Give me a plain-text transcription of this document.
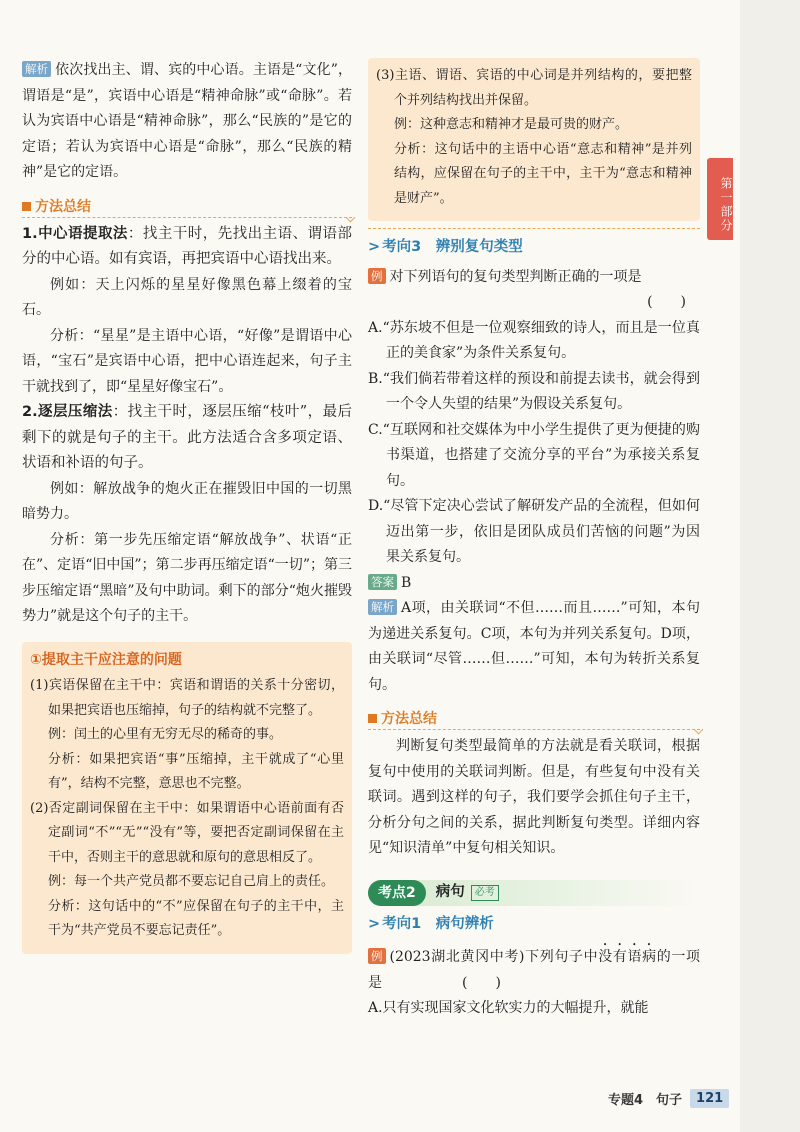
第一部分

解析 依次找出主、谓、宾的中心语。主语是“文化”，谓语是“是”，宾语中心语是“精神命脉”或“命脉”。若认为宾语中心语是“精神命脉”，那么“民族的”是它的定语；若认为宾语中心语是“命脉”，那么“民族的精神”是它的定语。

方法总结

1.中心语提取法：找主干时，先找出主语、谓语部分的中心语。如有宾语，再把宾语中心语找出来。

例如：天上闪烁的星星好像黑色幕上缀着的宝石。

分析：“星星”是主语中心语，“好像”是谓语中心语，“宝石”是宾语中心语，把中心语连起来，句子主干就找到了，即“星星好像宝石”。

2.逐层压缩法：找主干时，逐层压缩“枝叶”，最后剩下的就是句子的主干。此方法适合含多项定语、状语和补语的句子。

例如：解放战争的炮火正在摧毁旧中国的一切黑暗势力。

分析：第一步先压缩定语“解放战争”、状语“正在”、定语“旧中国”；第二步再压缩定语“一切”；第三步压缩定语“黑暗”及句中助词。剩下的部分“炮火摧毁势力”就是这个句子的主干。

①提取主干应注意的问题

(1)宾语保留在主干中：宾语和谓语的关系十分密切，如果把宾语也压缩掉，句子的结构就不完整了。

例：闰土的心里有无穷无尽的稀奇的事。

分析：如果把宾语“事”压缩掉，主干就成了“心里有”，结构不完整，意思也不完整。

(2)否定副词保留在主干中：如果谓语中心语前面有否定副词“不”“无”“没有”等，要把否定副词保留在主干中，否则主干的意思就和原句的意思相反了。

例：每一个共产党员都不要忘记自己肩上的责任。

分析：这句话中的“不”应保留在句子的主干中，主干为“共产党员不要忘记责任”。

(3)主语、谓语、宾语的中心词是并列结构的，要把整个并列结构找出并保留。

例：这种意志和精神才是最可贵的财产。

分析：这句话中的主语中心语“意志和精神”是并列结构，应保留在句子的主干中，主干为“意志和精神是财产”。

> 考向3　辨别复句类型

例 对下列语句的复句类型判断正确的一项是

(　　)

A.“苏东坡不但是一位观察细致的诗人，而且是一位真正的美食家”为条件关系复句。

B.“我们倘若带着这样的预设和前提去读书，就会得到一个令人失望的结果”为假设关系复句。

C.“互联网和社交媒体为中小学生提供了更为便捷的购书渠道，也搭建了交流分享的平台”为承接关系复句。

D.“尽管下定决心尝试了解研发产品的全流程，但如何迈出第一步，依旧是团队成员们苦恼的问题”为因果关系复句。

答案 B

解析 A项，由关联词“不但……而且……”可知，本句为递进关系复句。C项，本句为并列关系复句。D项，由关联词“尽管……但……”可知，本句为转折关系复句。

方法总结

判断复句类型最简单的方法就是看关联词，根据复句中使用的关联词判断。但是，有些复句中没有关联词。遇到这样的句子，我们要学会抓住句子主干，分析分句之间的关系，据此判断复句类型。详细内容见“知识清单”中复句相关知识。

考点2	病句	必考
> 考向1　病句辨析

例 (2023湖北黄冈中考)下列句子中没有语病的一项是	(　　)

A.只有实现国家文化软实力的大幅提升，就能

专题4　句子	121
